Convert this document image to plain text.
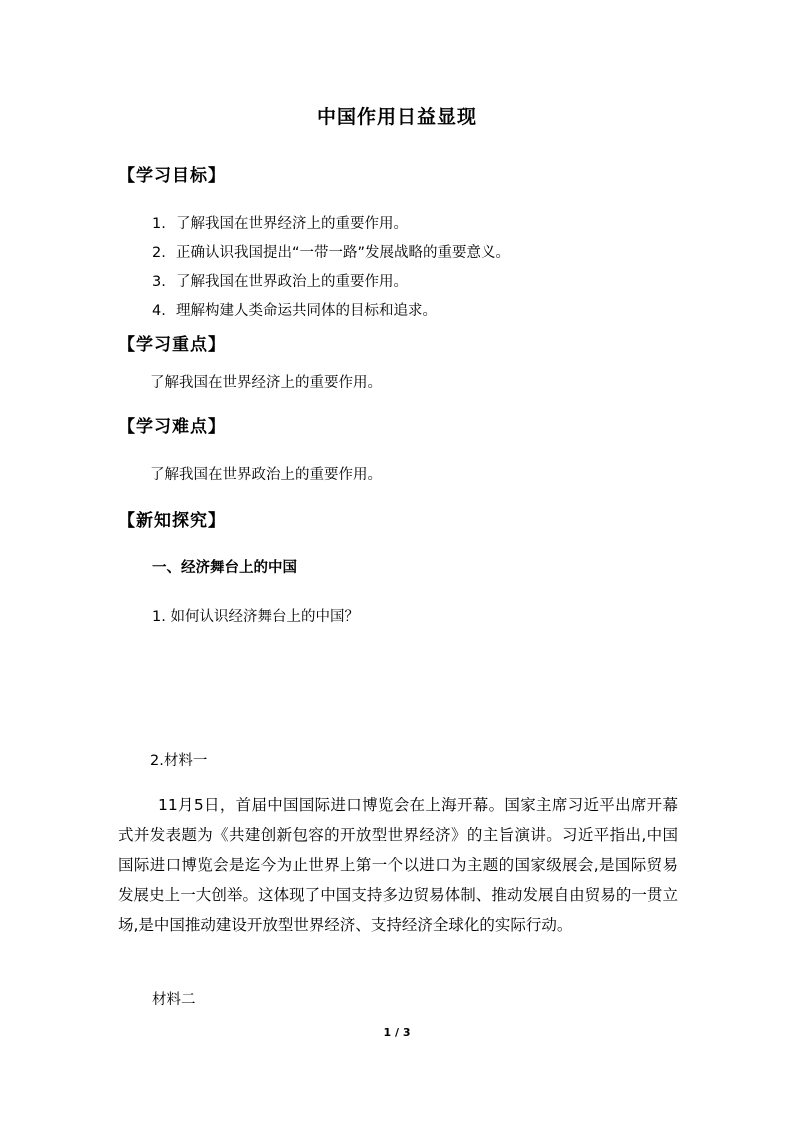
中国作用日益显现
【学习目标】
1. 了解我国在世界经济上的重要作用。
2. 正确认识我国提出“一带一路”发展战略的重要意义。
3. 了解我国在世界政治上的重要作用。
4. 理解构建人类命运共同体的目标和追求。
【学习重点】
了解我国在世界经济上的重要作用。
【学习难点】
了解我国在世界政治上的重要作用。
【新知探究】
一、经济舞台上的中国
1. 如何认识经济舞台上的中国？
2.材料一
11月5日，首届中国国际进口博览会在上海开幕。国家主席习近平出席开幕式并发表题为《共建创新包容的开放型世界经济》的主旨演讲。习近平指出,中国国际进口博览会是迄今为止世界上第一个以进口为主题的国家级展会,是国际贸易发展史上一大创举。这体现了中国支持多边贸易体制、推动发展自由贸易的一贯立场,是中国推动建设开放型世界经济、支持经济全球化的实际行动。
材料二
1 / 3
